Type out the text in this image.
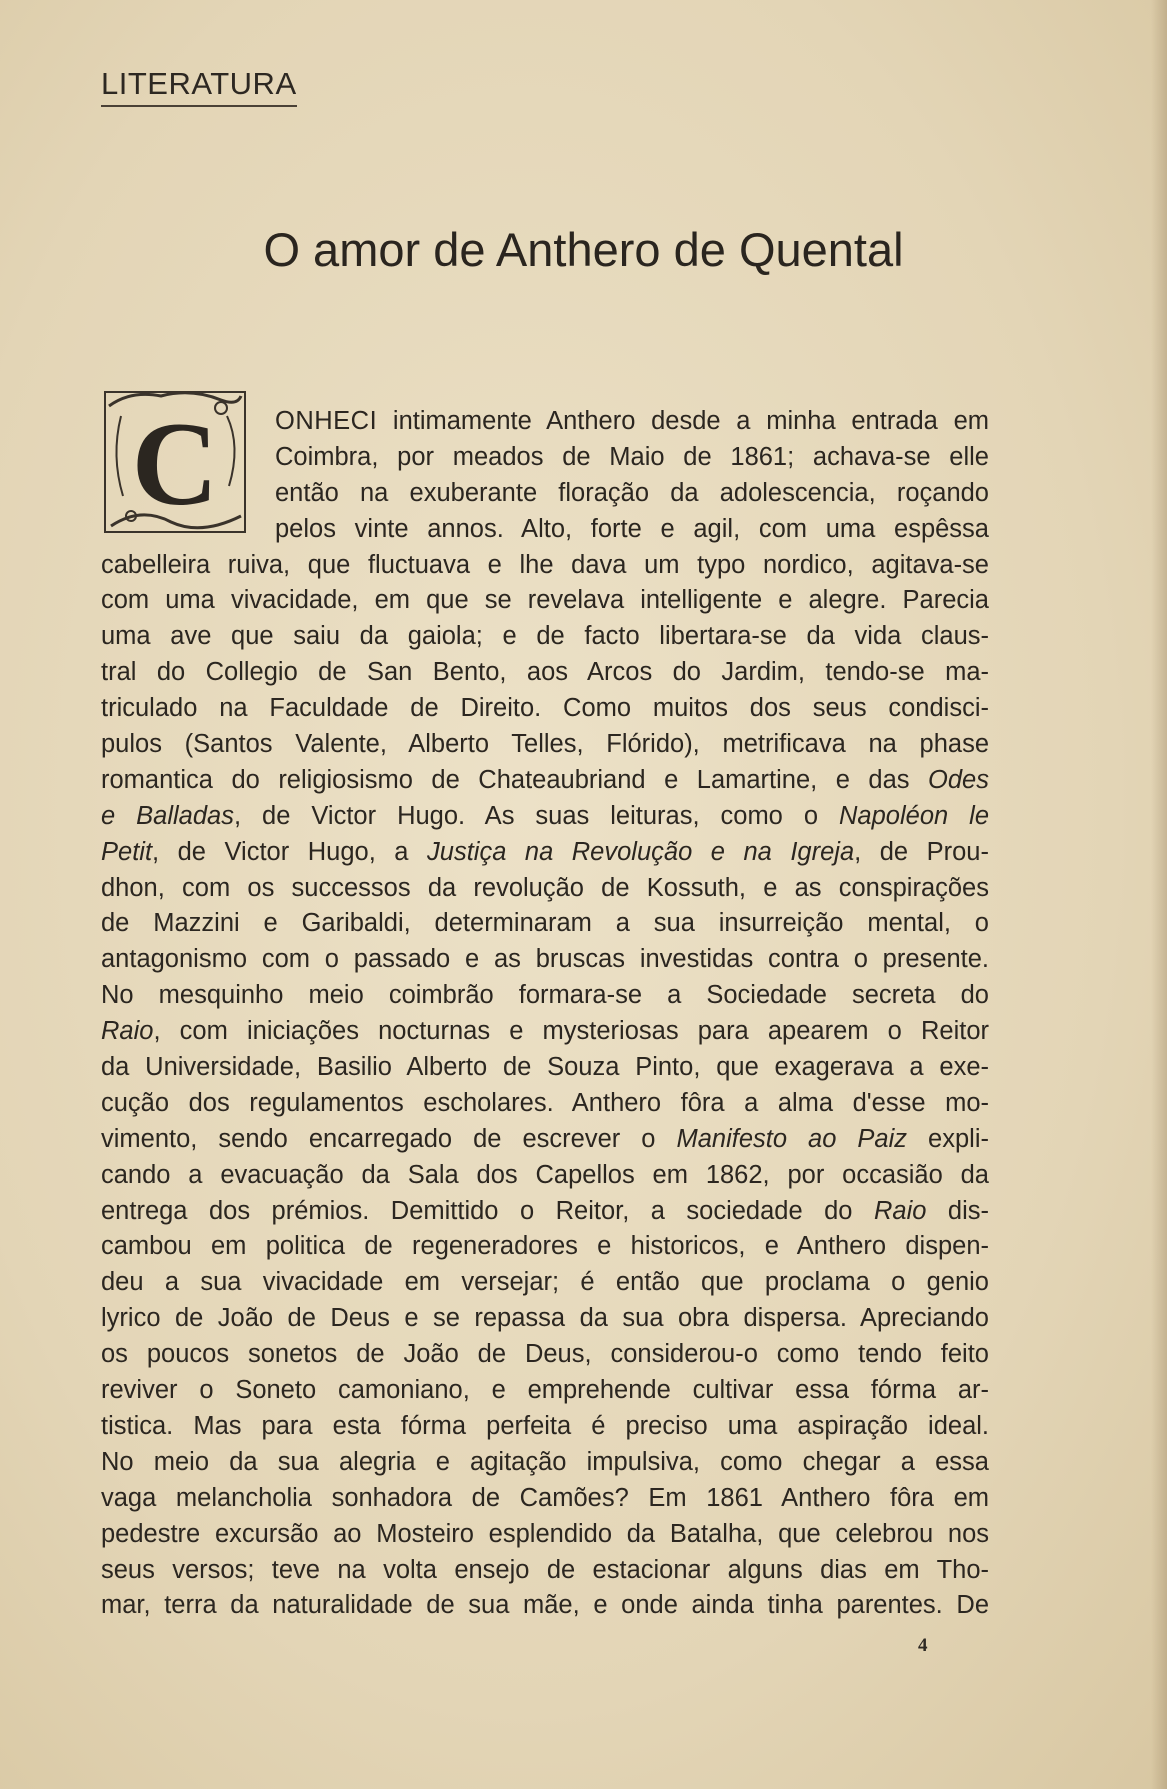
LITERATURA
O amor de Anthero de Quental
C	ONHECI intimamente Anthero desde a minha entrada em
Coimbra, por meados de Maio de 1861; achava-se elle
então na exuberante floração da adolescencia, roçando
pelos vinte annos. Alto, forte e agil, com uma espêssa
cabelleira ruiva, que fluctuava e lhe dava um typo nordico, agitava-se
com uma vivacidade, em que se revelava intelligente e alegre. Parecia
uma ave que saiu da gaiola; e de facto libertara-se da vida claus-
tral do Collegio de San Bento, aos Arcos do Jardim, tendo-se ma-
triculado na Faculdade de Direito. Como muitos dos seus condisci-
pulos (Santos Valente, Alberto Telles, Flórido), metrificava na phase
romantica do religiosismo de Chateaubriand e Lamartine, e das Odes
e Balladas, de Victor Hugo. As suas leituras, como o Napoléon le
Petit, de Victor Hugo, a Justiça na Revolução e na Igreja, de Prou-
dhon, com os successos da revolução de Kossuth, e as conspirações
de Mazzini e Garibaldi, determinaram a sua insurreição mental, o
antagonismo com o passado e as bruscas investidas contra o presente.
No mesquinho meio coimbrão formara-se a Sociedade secreta do
Raio, com iniciações nocturnas e mysteriosas para apearem o Reitor
da Universidade, Basilio Alberto de Souza Pinto, que exagerava a exe-
cução dos regulamentos escholares. Anthero fôra a alma d'esse mo-
vimento, sendo encarregado de escrever o Manifesto ao Paiz expli-
cando a evacuação da Sala dos Capellos em 1862, por occasião da
entrega dos prémios. Demittido o Reitor, a sociedade do Raio dis-
cambou em politica de regeneradores e historicos, e Anthero dispen-
deu a sua vivacidade em versejar; é então que proclama o genio
lyrico de João de Deus e se repassa da sua obra dispersa. Apreciando
os poucos sonetos de João de Deus, considerou-o como tendo feito
reviver o Soneto camoniano, e emprehende cultivar essa fórma ar-
tistica. Mas para esta fórma perfeita é preciso uma aspiração ideal.
No meio da sua alegria e agitação impulsiva, como chegar a essa
vaga melancholia sonhadora de Camões? Em 1861 Anthero fôra em
pedestre excursão ao Mosteiro esplendido da Batalha, que celebrou nos
seus versos; teve na volta ensejo de estacionar alguns dias em Tho-
mar, terra da naturalidade de sua mãe, e onde ainda tinha parentes. De
4
